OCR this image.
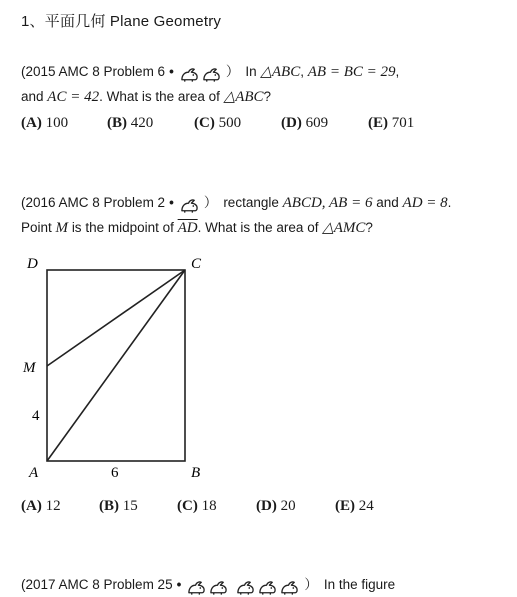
1、平面几何 Plane Geometry
(2015 AMC 8 Problem 6 •	） In △ABC, AB = BC = 29,
and AC = 42. What is the area of △ABC?
(A) 100	(B) 420	(C) 500	(D) 609	(E) 701
(2016 AMC 8 Problem 2 • ） rectangle ABCD, AB = 6 and AD = 8.
Point M is the midpoint of $\overline{AD}$. What is the area of △AMC?
D	C
M
4
A	6	B
(A) 12	(B) 15	(C) 18	(D) 20	(E) 24
(2017 AMC 8 Problem 25 •	） In the figure
